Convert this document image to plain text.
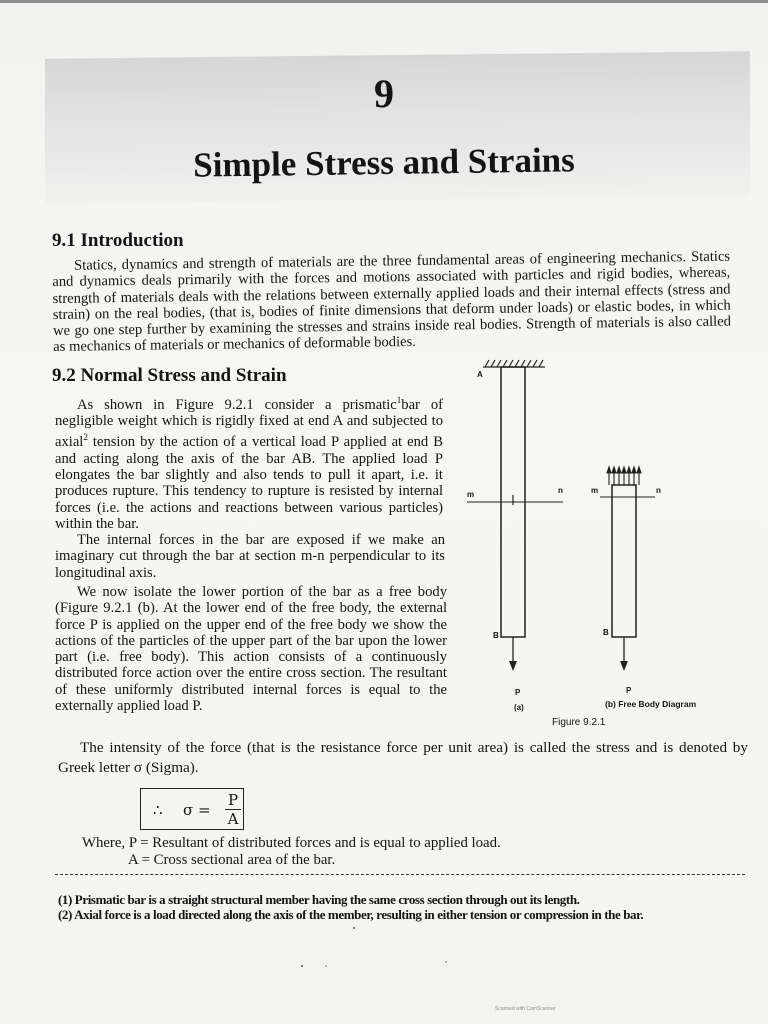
9
Simple Stress and Strains
9.1 Introduction

Statics, dynamics and strength of materials are the three fundamental areas of engineering mechanics. Statics and dynamics deals primarily with the forces and motions associated with particles and rigid bodies, whereas, strength of materials deals with the relations between externally applied loads and their internal effects (stress and strain) on the real bodies, (that is, bodies of finite dimensions that deform under loads) or elastic bodes, in which we go one step further by examining the stresses and strains inside real bodies. Strength of materials is also called as mechanics of materials or mechanics of deformable bodies.

9.2 Normal Stress and Strain

As shown in Figure 9.2.1 consider a prismatic$^1$bar of negligible weight which is rigidly fixed at end A and subjected to axial$^2$ tension by the action of a vertical load P applied at end B and acting along the axis of the bar AB. The applied load P elongates the bar slightly and also tends to pull it apart, i.e. it produces rupture. This tendency to rupture is resisted by internal forces (i.e. the actions and reactions between various particles) within the bar.

The internal forces in the bar are exposed if we make an imaginary cut through the bar at section m-n perpendicular to its longitudinal axis.

We now isolate the lower portion of the bar as a free body (Figure 9.2.1 (b). At the lower end of the free body, the external force P is applied on the upper end of the free body we show the actions of the particles of the upper part of the bar upon the lower part (i.e. free body). This action consists of a continuously distributed force action over the entire cross section. The resultant of these uniformly distributed internal forces is equal to the externally applied load P.

A
m	n	m	n
B	B
P	P
(a)	(b) Free Body Diagram
Figure 9.2.1

The intensity of the force (that is the resistance force per unit area) is called the stress and is denoted by Greek letter σ (Sigma).

∴ $\sigma = \frac{P}{A}$
Where, P = Resultant of distributed forces and is equal to applied load.
A = Cross sectional area of the bar.
(1) Prismatic bar is a straight structural member having the same cross section through out its length.
(2) Axial force is a load directed along the axis of the member, resulting in either tension or compression in the bar.
Scanned with CamScanner
